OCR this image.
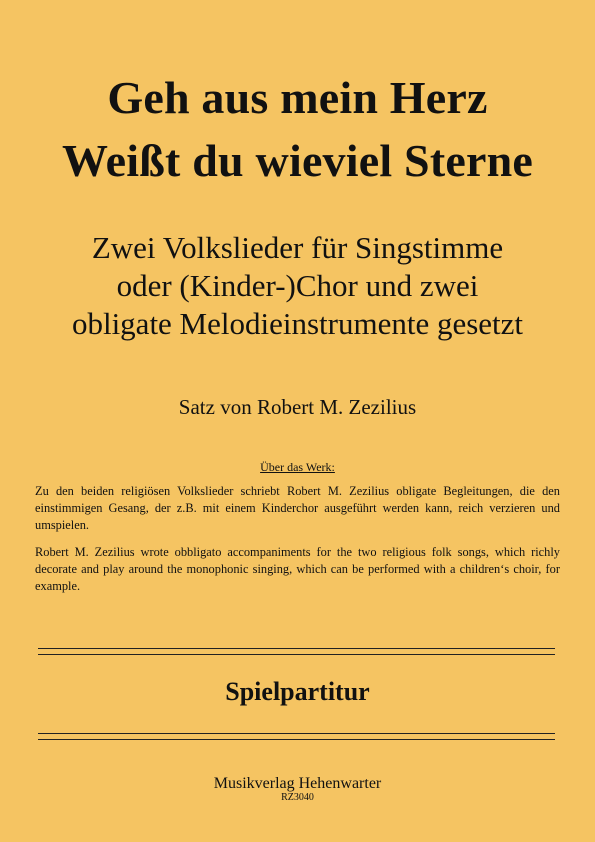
Geh aus mein Herz
Weißt du wieviel Sterne
Zwei Volkslieder für Singstimme
oder (Kinder-)Chor und zwei
obligate Melodieinstrumente gesetzt
Satz von Robert M. Zezilius
Über das Werk:
Zu den beiden religiösen Volkslieder schriebt Robert M. Zezilius obligate Begleitungen, die den einstimmigen Gesang, der z.B. mit einem Kinderchor ausgeführt werden kann, reich verzieren und umspielen.
Robert M. Zezilius wrote obbligato accompaniments for the two religious folk songs, which richly decorate and play around the monophonic singing, which can be performed with a children‘s choir, for example.
Spielpartitur
Musikverlag Hehenwarter
RZ3040
